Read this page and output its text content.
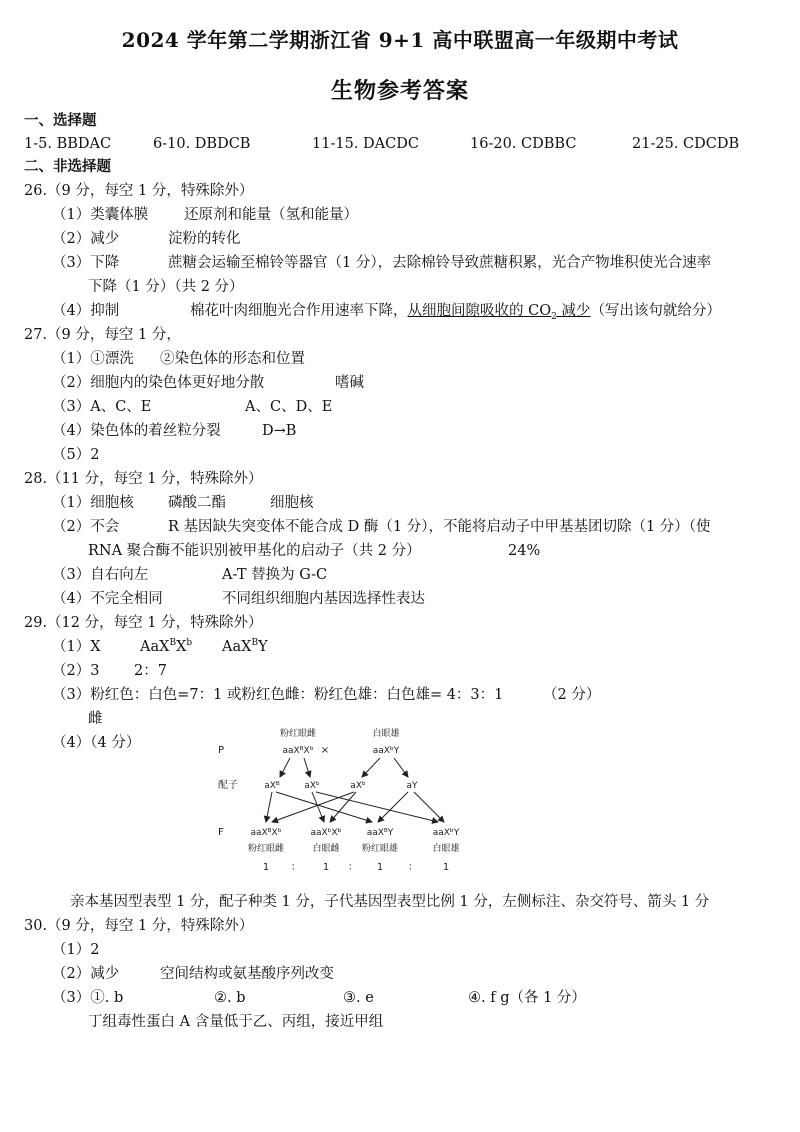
2024 学年第二学期浙江省 9+1 高中联盟高一年级期中考试
生物参考答案
一、选择题
1-5. BBDAC	6-10. DBDCB	11-15. DACDC	16-20. CDBBC	21-25. CDCDB
二、非选择题
26.（9 分，每空 1 分，特殊除外）
（1）类囊体膜 还原剂和能量（氢和能量）
（2）减少	淀粉的转化
（3）下降	蔗糖会运输至棉铃等器官（1 分），去除棉铃导致蔗糖积累，光合产物堆积使光合速率
下降（1 分）（共 2 分）
（4）抑制	棉花叶肉细胞光合作用速率下降，从细胞间隙吸收的 $CO_2$ 减少（写出该句就给分）
27.（9 分，每空 1 分，
（1）①漂洗 ②染色体的形态和位置
（2）细胞内的染色体更好地分散	嗜碱
（3）A、C、E	A、C、D、E
（4）染色体的着丝粒分裂	D→B
（5）2
28.（11 分，每空 1 分，特殊除外）
（1）细胞核 磷酸二酯	细胞核
（2）不会	R 基因缺失突变体不能合成 D 酶（1 分），不能将启动子中甲基基团切除（1 分）（使
RNA 聚合酶不能识别被甲基化的启动子（共 2 分）	24%
（3）自右向左	A-T 替换为 G-C
（4）不完全相同	不同组织细胞内基因选择性表达
29.（12 分，每空 1 分，特殊除外）
（1）X	$AaX^BX^b$ AaX$^B$Y
（2）3 2：7
（3）粉红色：白色=7：1 或粉红色雌：粉红色雄：白色雄= 4：3：1	（2 分）
雌
（4）（4 分）	P
配子
F
粉红眼雌
aaXᴮXᵇ ×
白眼雄
aaXᵇY
aXᴮ	aXᵇ	aXᵇ	aY
aaXᴮXᵇ	aaXᵇXᵇ	aaXᴮY	aaXᵇY
粉红眼雌	白眼雌 粉红眼雄	白眼雄
1 ： 1 ： 1 ： 1
亲本基因型表型 1 分，配子种类 1 分，子代基因型表型比例 1 分，左侧标注、杂交符号、箭头 1 分
30.（9 分，每空 1 分，特殊除外）
（1）2
（2）减少	空间结构或氨基酸序列改变
（3）①. b	②. b	③. e	④. f g（各 1 分）
丁组毒性蛋白 A 含量低于乙、丙组，接近甲组
